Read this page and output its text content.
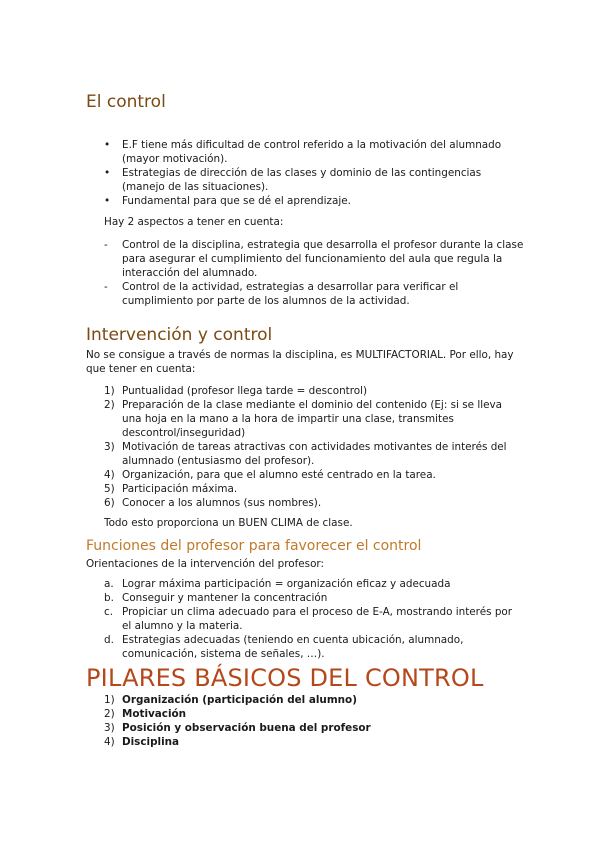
El control
• E.F tiene más dificultad de control referido a la motivación del alumnado (mayor motivación).
• Estrategias de dirección de las clases y dominio de las contingencias (manejo de las situaciones).
• Fundamental para que se dé el aprendizaje.

Hay 2 aspectos a tener en cuenta:

- Control de la disciplina, estrategia que desarrolla el profesor durante la clase para asegurar el cumplimiento del funcionamiento del aula que regula la interacción del alumnado.
- Control de la actividad, estrategias a desarrollar para verificar el cumplimiento por parte de los alumnos de la actividad.
Intervención y control

No se consigue a través de normas la disciplina, es MULTIFACTORIAL. Por ello, hay que tener en cuenta:

1) Puntualidad (profesor llega tarde = descontrol)
2) Preparación de la clase mediante el dominio del contenido (Ej: si se lleva una hoja en la mano a la hora de impartir una clase, transmites descontrol/inseguridad)
3) Motivación de tareas atractivas con actividades motivantes de interés del alumnado (entusiasmo del profesor).
4) Organización, para que el alumno esté centrado en la tarea.
5) Participación máxima.
6) Conocer a los alumnos (sus nombres).

Todo esto proporciona un BUEN CLIMA de clase.

Funciones del profesor para favorecer el control

Orientaciones de la intervención del profesor:

a. Lograr máxima participación = organización eficaz y adecuada
b. Conseguir y mantener la concentración
c. Propiciar un clima adecuado para el proceso de E-A, mostrando interés por el alumno y la materia.
d. Estrategias adecuadas (teniendo en cuenta ubicación, alumnado, comunicación, sistema de señales, …).
PILARES BÁSICOS DEL CONTROL
1) Organización (participación del alumno)
2) Motivación
3) Posición y observación buena del profesor
4) Disciplina
